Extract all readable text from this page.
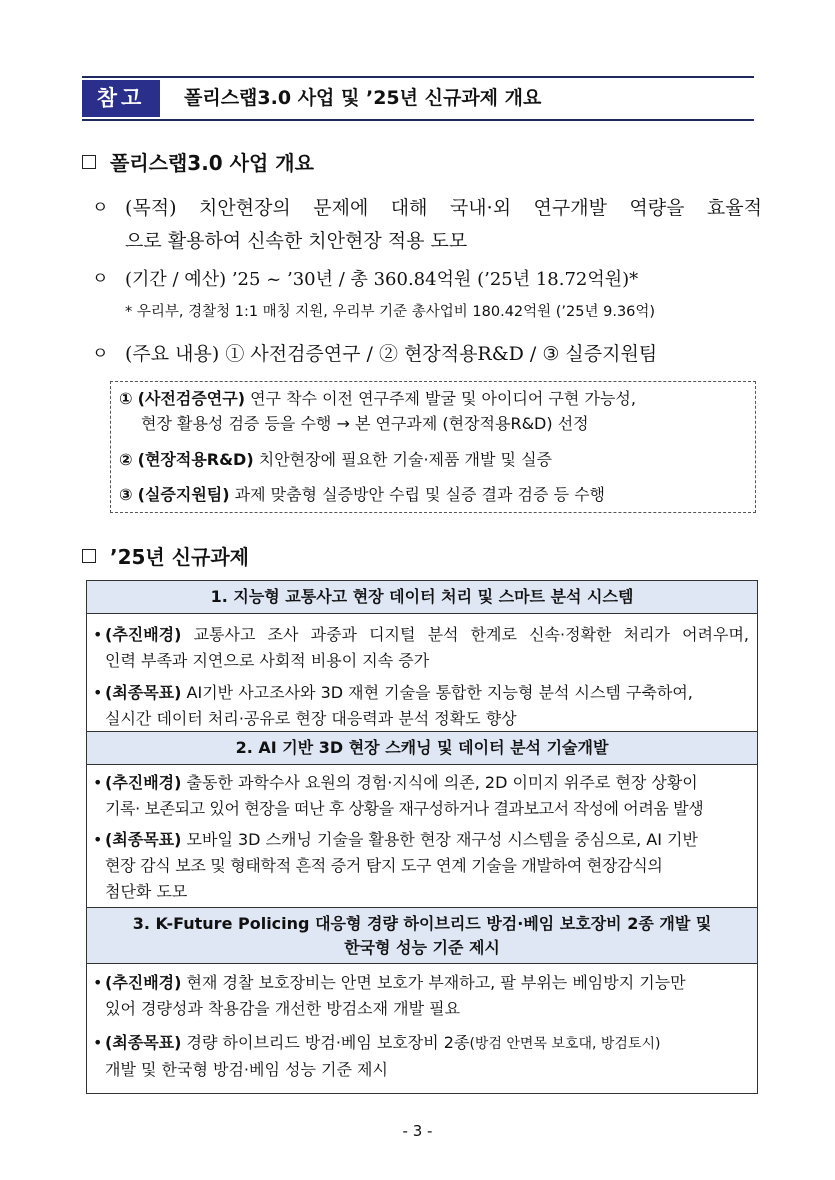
참고	폴리스랩3.0 사업 및 ’25년 신규과제 개요
폴리스랩3.0 사업 개요
ㅇ (목적) 치안현장의 문제에 대해 국내·외 연구개발 역량을 효율적
으로 활용하여 신속한 치안현장 적용 도모
ㅇ (기간 / 예산) ’25 ~ ’30년 / 총 360.84억원 (’25년 18.72억원)*
* 우리부, 경찰청 1:1 매칭 지원, 우리부 기준 총사업비 180.42억원 (’25년 9.36억)
ㅇ (주요 내용) ① 사전검증연구 / ② 현장적용R&D / ③ 실증지원팀
① (사전검증연구) 연구 착수 이전 연구주제 발굴 및 아이디어 구현 가능성,
현장 활용성 검증 등을 수행 → 본 연구과제 (현장적용R&D) 선정
② (현장적용R&D) 치안현장에 필요한 기술·제품 개발 및 실증
③ (실증지원팀) 과제 맞춤형 실증방안 수립 및 실증 결과 검증 등 수행
’25년 신규과제
1. 지능형 교통사고 현장 데이터 처리 및 스마트 분석 시스템
• (추진배경) 교통사고 조사 과중과 디지털 분석 한계로 신속·정확한 처리가 어려우며,
인력 부족과 지연으로 사회적 비용이 지속 증가
• (최종목표) AI기반 사고조사와 3D 재현 기술을 통합한 지능형 분석 시스템 구축하여,
실시간 데이터 처리·공유로 현장 대응력과 분석 정확도 향상
2. AI 기반 3D 현장 스캐닝 및 데이터 분석 기술개발
• (추진배경) 출동한 과학수사 요원의 경험·지식에 의존, 2D 이미지 위주로 현장 상황이
기록· 보존되고 있어 현장을 떠난 후 상황을 재구성하거나 결과보고서 작성에 어려움 발생
• (최종목표) 모바일 3D 스캐닝 기술을 활용한 현장 재구성 시스템을 중심으로, AI 기반
현장 감식 보조 및 형태학적 흔적 증거 탐지 도구 연계 기술을 개발하여 현장감식의
첨단화 도모
3. K-Future Policing 대응형 경량 하이브리드 방검·베임 보호장비 2종 개발 및
한국형 성능 기준 제시
• (추진배경) 현재 경찰 보호장비는 안면 보호가 부재하고, 팔 부위는 베임방지 기능만
있어 경량성과 착용감을 개선한 방검소재 개발 필요
• (최종목표) 경량 하이브리드 방검·베임 보호장비 2종(방검 안면목 보호대, 방검토시)
개발 및 한국형 방검·베임 성능 기준 제시
- 3 -
